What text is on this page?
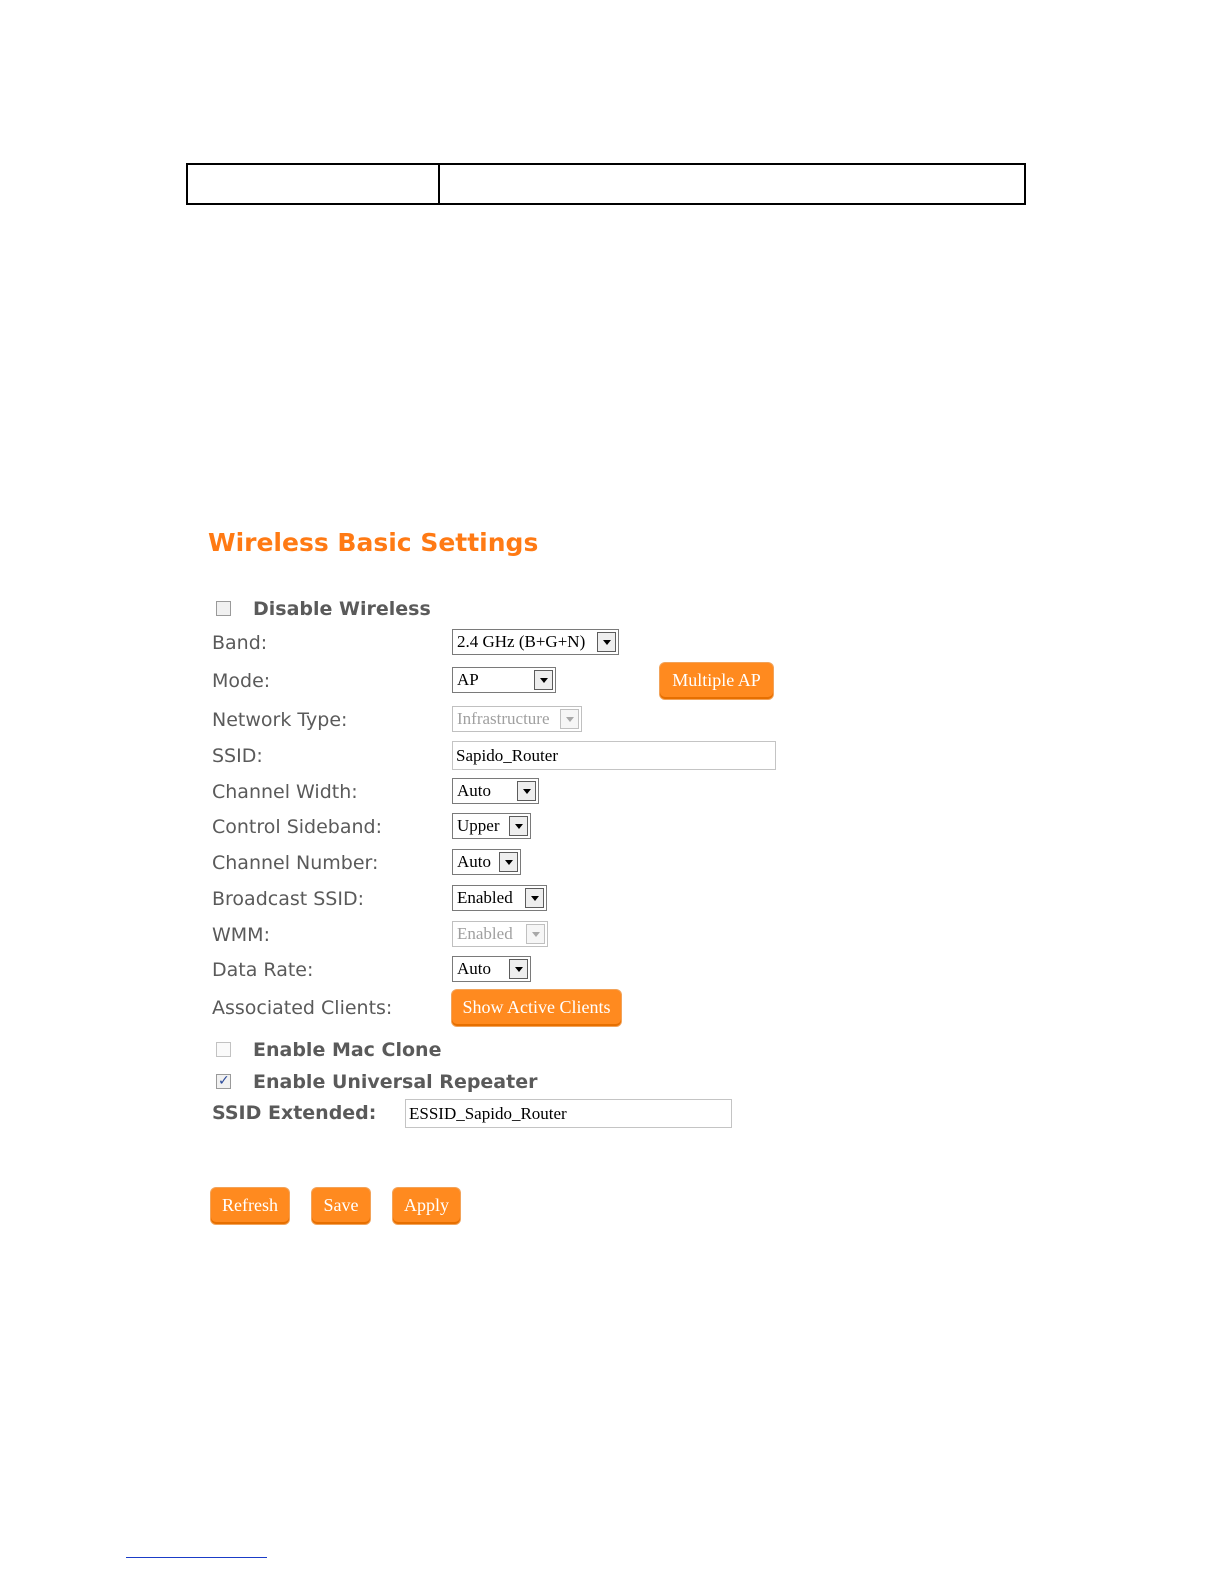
Wireless Basic Settings
Disable Wireless
Band:	2.4 GHz (B+G+N)
Mode:	AP	Multiple AP
Network Type:	Infrastructure
SSID:	Sapido_Router
Channel Width:	Auto
Control Sideband:	Upper
Channel Number:	Auto
Broadcast SSID:	Enabled
WMM:	Enabled
Data Rate:	Auto
Associated Clients:	Show Active Clients
Enable Mac Clone
✓ Enable Universal Repeater
SSID Extended: ESSID_Sapido_Router
Refresh	Save	Apply
